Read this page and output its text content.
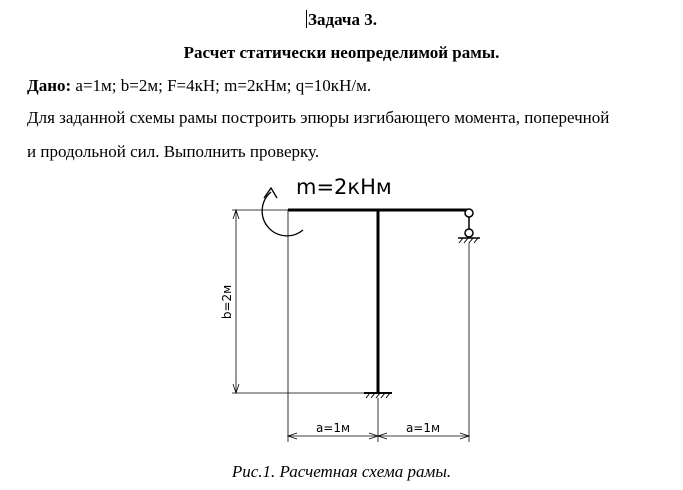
Задача 3.
Расчет статически неопределимой рамы.
Дано: a=1м; b=2м; F=4кН; m=2кНм; q=10кН/м.
Для заданной схемы рамы построить эпюры изгибающего момента, поперечной
и продольной сил. Выполнить проверку.
m=2кНм
b=2м
a=1м	a=1м
Рис.1. Расчетная схема рамы.
